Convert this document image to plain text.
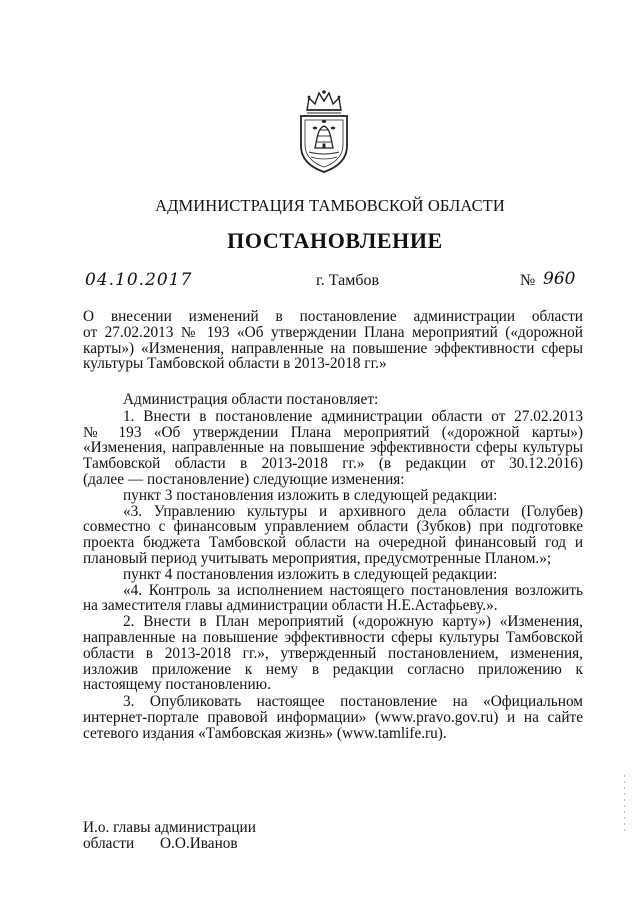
АДМИНИСТРАЦИЯ ТАМБОВСКОЙ ОБЛАСТИ
ПОСТАНОВЛЕНИЕ
04.10.2017	г. Тамбов	№ 960
О внесении изменений в постановление администрации области
от 27.02.2013 № 193 «Об утверждении Плана мероприятий («дорожной
карты») «Изменения, направленные на повышение эффективности сферы
культуры Тамбовской области в 2013-2018 гг.»
Администрация области постановляет:
1. Внести в постановление администрации области от 27.02.2013
№ 193 «Об утверждении Плана мероприятий («дорожной карты»)
«Изменения, направленные на повышение эффективности сферы культуры
Тамбовской области в 2013-2018 гг.» (в редакции от 30.12.2016)
(далее — постановление) следующие изменения:
пункт 3 постановления изложить в следующей редакции:
«3. Управлению культуры и архивного дела области (Голубев)
совместно с финансовым управлением области (Зубков) при подготовке
проекта бюджета Тамбовской области на очередной финансовый год и
плановый период учитывать мероприятия, предусмотренные Планом.»;
пункт 4 постановления изложить в следующей редакции:
«4. Контроль за исполнением настоящего постановления возложить
на заместителя главы администрации области Н.Е.Астафьеву.».
2. Внести в План мероприятий («дорожную карту») «Изменения,
направленные на повышение эффективности сферы культуры Тамбовской
области в 2013-2018 гг.», утвержденный постановлением, изменения,
изложив приложение к нему в редакции согласно приложению к
настоящему постановлению.
3. Опубликовать настоящее постановление на «Официальном
интернет-портале правовой информации» (www.pravo.gov.ru) и на сайте
сетевого издания «Тамбовская жизнь» (www.tamlife.ru).
И.о. главы администрации
области О.О.Иванов
